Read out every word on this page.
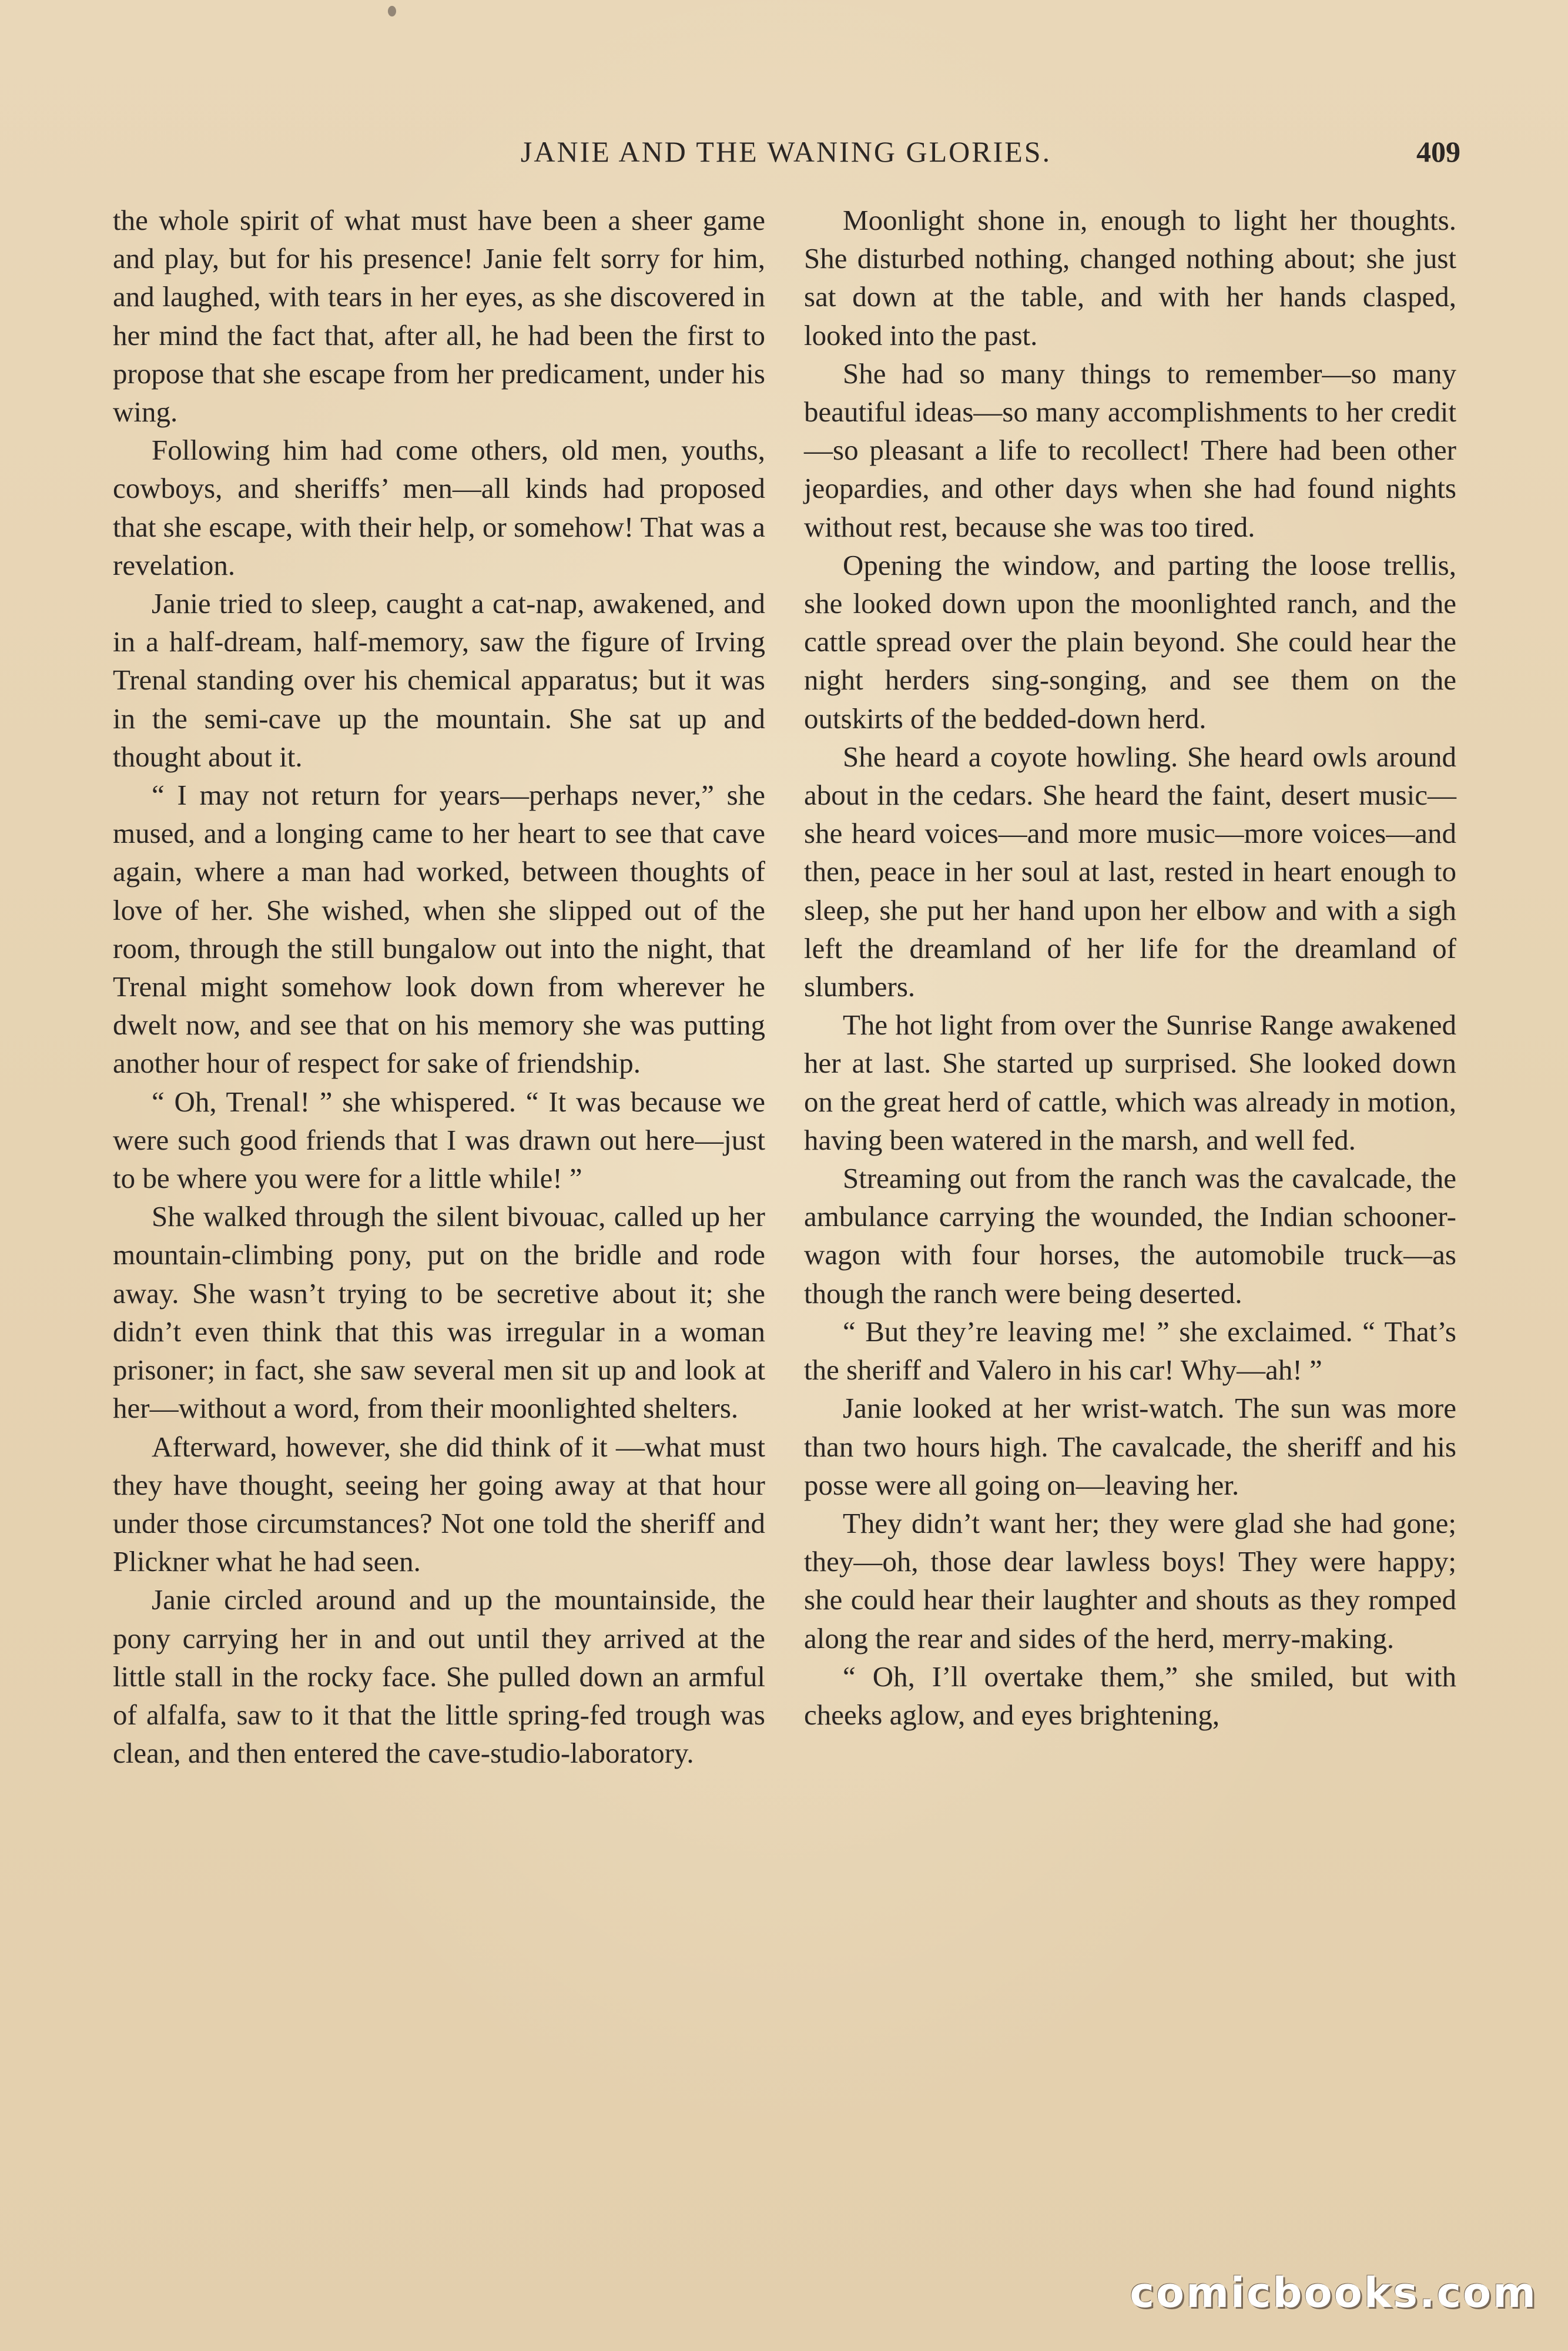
JANIE AND THE WANING GLORIES.	409

the whole spirit of what must have been a sheer game and play, but for his presence! Janie felt sorry for him, and laughed, with tears in her eyes, as she discovered in her mind the fact that, after all, he had been the first to propose that she escape from her predicament, under his wing.

Following him had come others, old men, youths, cowboys, and sheriffs’ men—all kinds had proposed that she escape, with their help, or somehow! That was a revelation.

Janie tried to sleep, caught a cat-nap, awakened, and in a half-dream, half-memory, saw the figure of Irving Trenal standing over his chemical apparatus; but it was in the semi-cave up the mountain. She sat up and thought about it.

“ I may not return for years—perhaps never,” she mused, and a longing came to her heart to see that cave again, where a man had worked, between thoughts of love of her. She wished, when she slipped out of the room, through the still bungalow out into the night, that Trenal might somehow look down from wherever he dwelt now, and see that on his memory she was putting another hour of respect for sake of friendship.

“ Oh, Trenal! ” she whispered. “ It was because we were such good friends that I was drawn out here—just to be where you were for a little while! ”

She walked through the silent bivouac, called up her mountain-climbing pony, put on the bridle and rode away. She wasn’t trying to be secretive about it; she didn’t even think that this was irregular in a woman prisoner; in fact, she saw several men sit up and look at her—without a word, from their moonlighted shelters.

Afterward, however, she did think of it —what must they have thought, seeing her going away at that hour under those circumstances? Not one told the sheriff and Plickner what he had seen.

Janie circled around and up the mountainside, the pony carrying her in and out until they arrived at the little stall in the rocky face. She pulled down an armful of alfalfa, saw to it that the little spring-fed trough was clean, and then entered the cave-studio-laboratory.

Moonlight shone in, enough to light her thoughts. She disturbed nothing, changed nothing about; she just sat down at the table, and with her hands clasped, looked into the past.

She had so many things to remember—so many beautiful ideas—so many accomplishments to her credit—so pleasant a life to recollect! There had been other jeopardies, and other days when she had found nights without rest, because she was too tired.

Opening the window, and parting the loose trellis, she looked down upon the moonlighted ranch, and the cattle spread over the plain beyond. She could hear the night herders sing-songing, and see them on the outskirts of the bedded-down herd.

She heard a coyote howling. She heard owls around about in the cedars. She heard the faint, desert music—she heard voices—and more music—more voices—and then, peace in her soul at last, rested in heart enough to sleep, she put her hand upon her elbow and with a sigh left the dreamland of her life for the dreamland of slumbers.

The hot light from over the Sunrise Range awakened her at last. She started up surprised. She looked down on the great herd of cattle, which was already in motion, having been watered in the marsh, and well fed.

Streaming out from the ranch was the cavalcade, the ambulance carrying the wounded, the Indian schooner-wagon with four horses, the automobile truck—as though the ranch were being deserted.

“ But they’re leaving me! ” she exclaimed. “ That’s the sheriff and Valero in his car! Why—ah! ”

Janie looked at her wrist-watch. The sun was more than two hours high. The cavalcade, the sheriff and his posse were all going on—leaving her.

They didn’t want her; they were glad she had gone; they—oh, those dear lawless boys! They were happy; she could hear their laughter and shouts as they romped along the rear and sides of the herd, merry-making.

“ Oh, I’ll overtake them,” she smiled, but with cheeks aglow, and eyes brightening,

comicbooks.com
